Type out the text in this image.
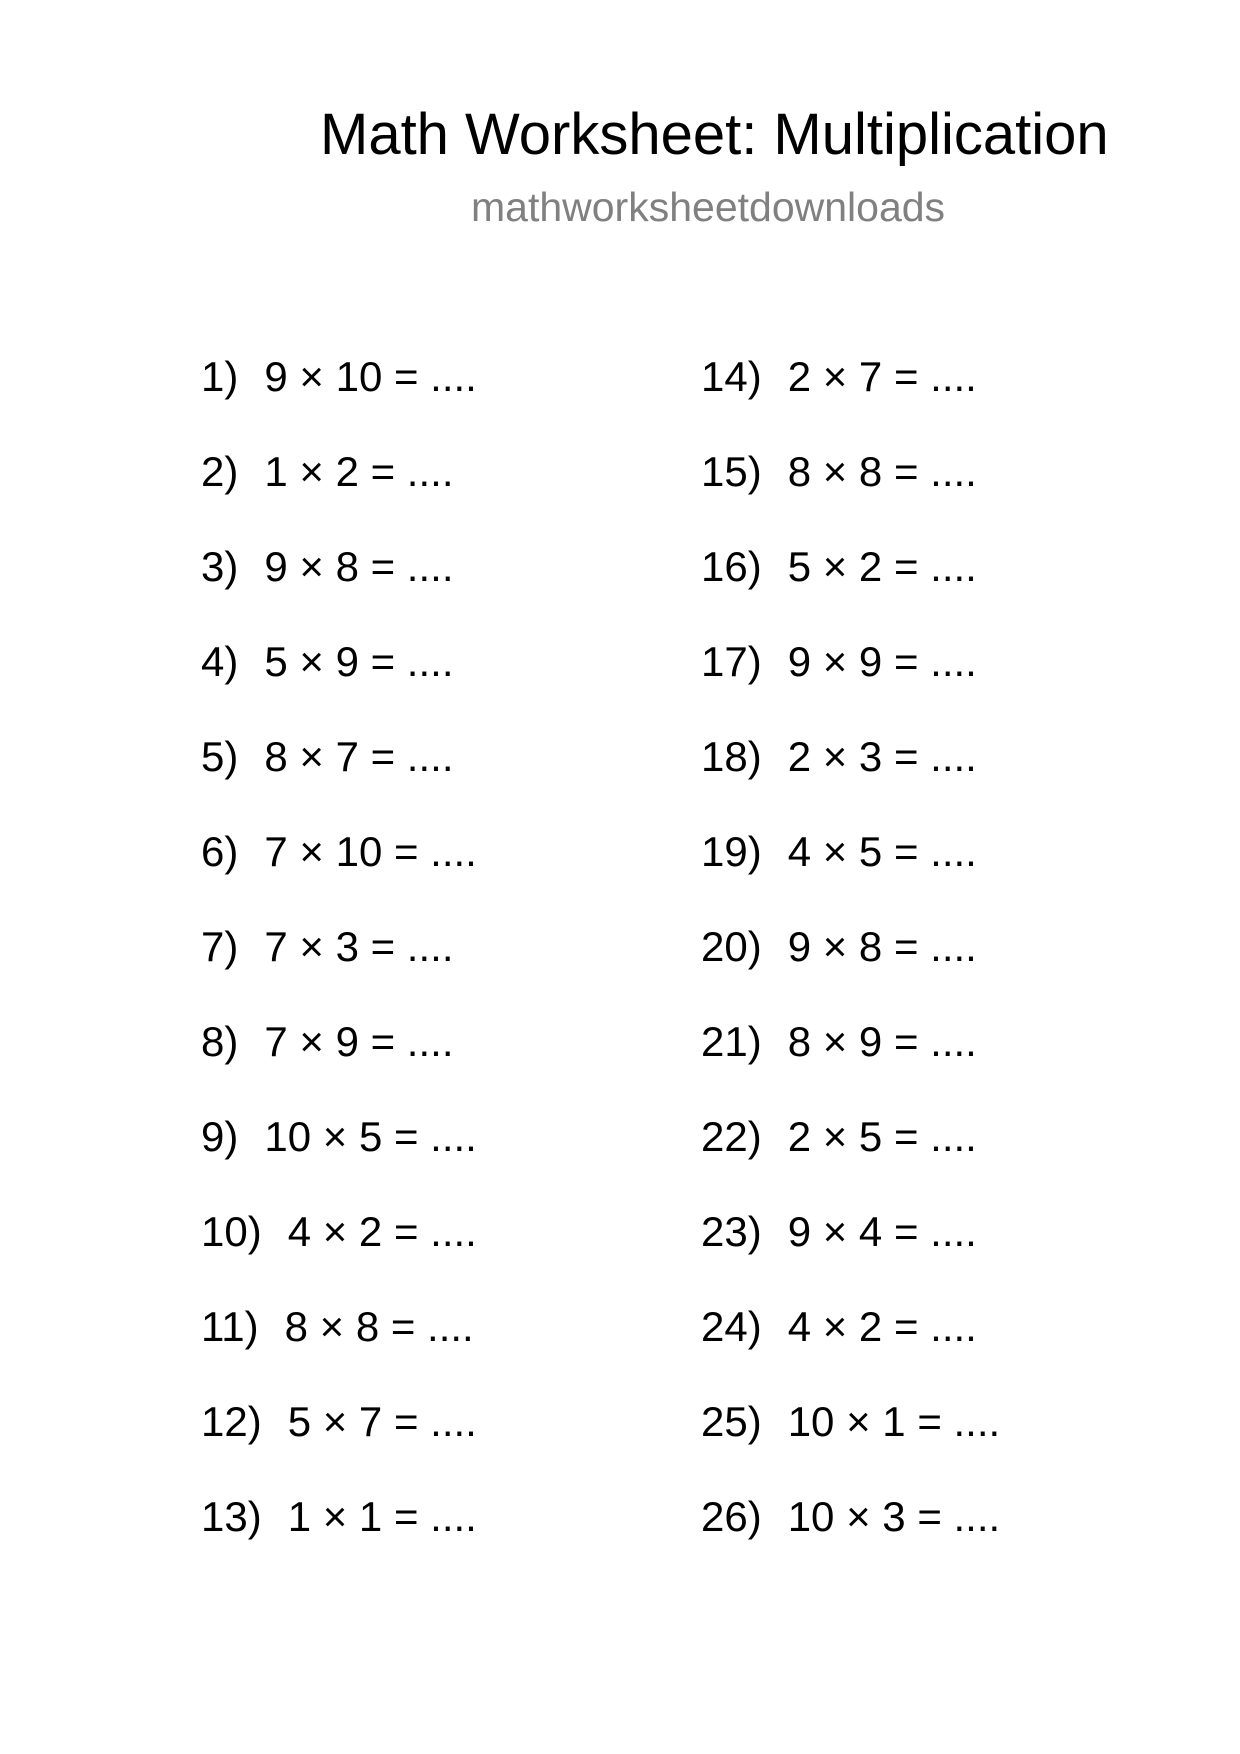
Math Worksheet: Multiplication
mathworksheetdownloads
1) 9 × 10 = ....
2) 1 × 2 = ....
3) 9 × 8 = ....
4) 5 × 9 = ....
5) 8 × 7 = ....
6) 7 × 10 = ....
7) 7 × 3 = ....
8) 7 × 9 = ....
9) 10 × 5 = ....
10) 4 × 2 = ....
11) 8 × 8 = ....
12) 5 × 7 = ....
13) 1 × 1 = ....
14) 2 × 7 = ....
15) 8 × 8 = ....
16) 5 × 2 = ....
17) 9 × 9 = ....
18) 2 × 3 = ....
19) 4 × 5 = ....
20) 9 × 8 = ....
21) 8 × 9 = ....
22) 2 × 5 = ....
23) 9 × 4 = ....
24) 4 × 2 = ....
25) 10 × 1 = ....
26) 10 × 3 = ....
